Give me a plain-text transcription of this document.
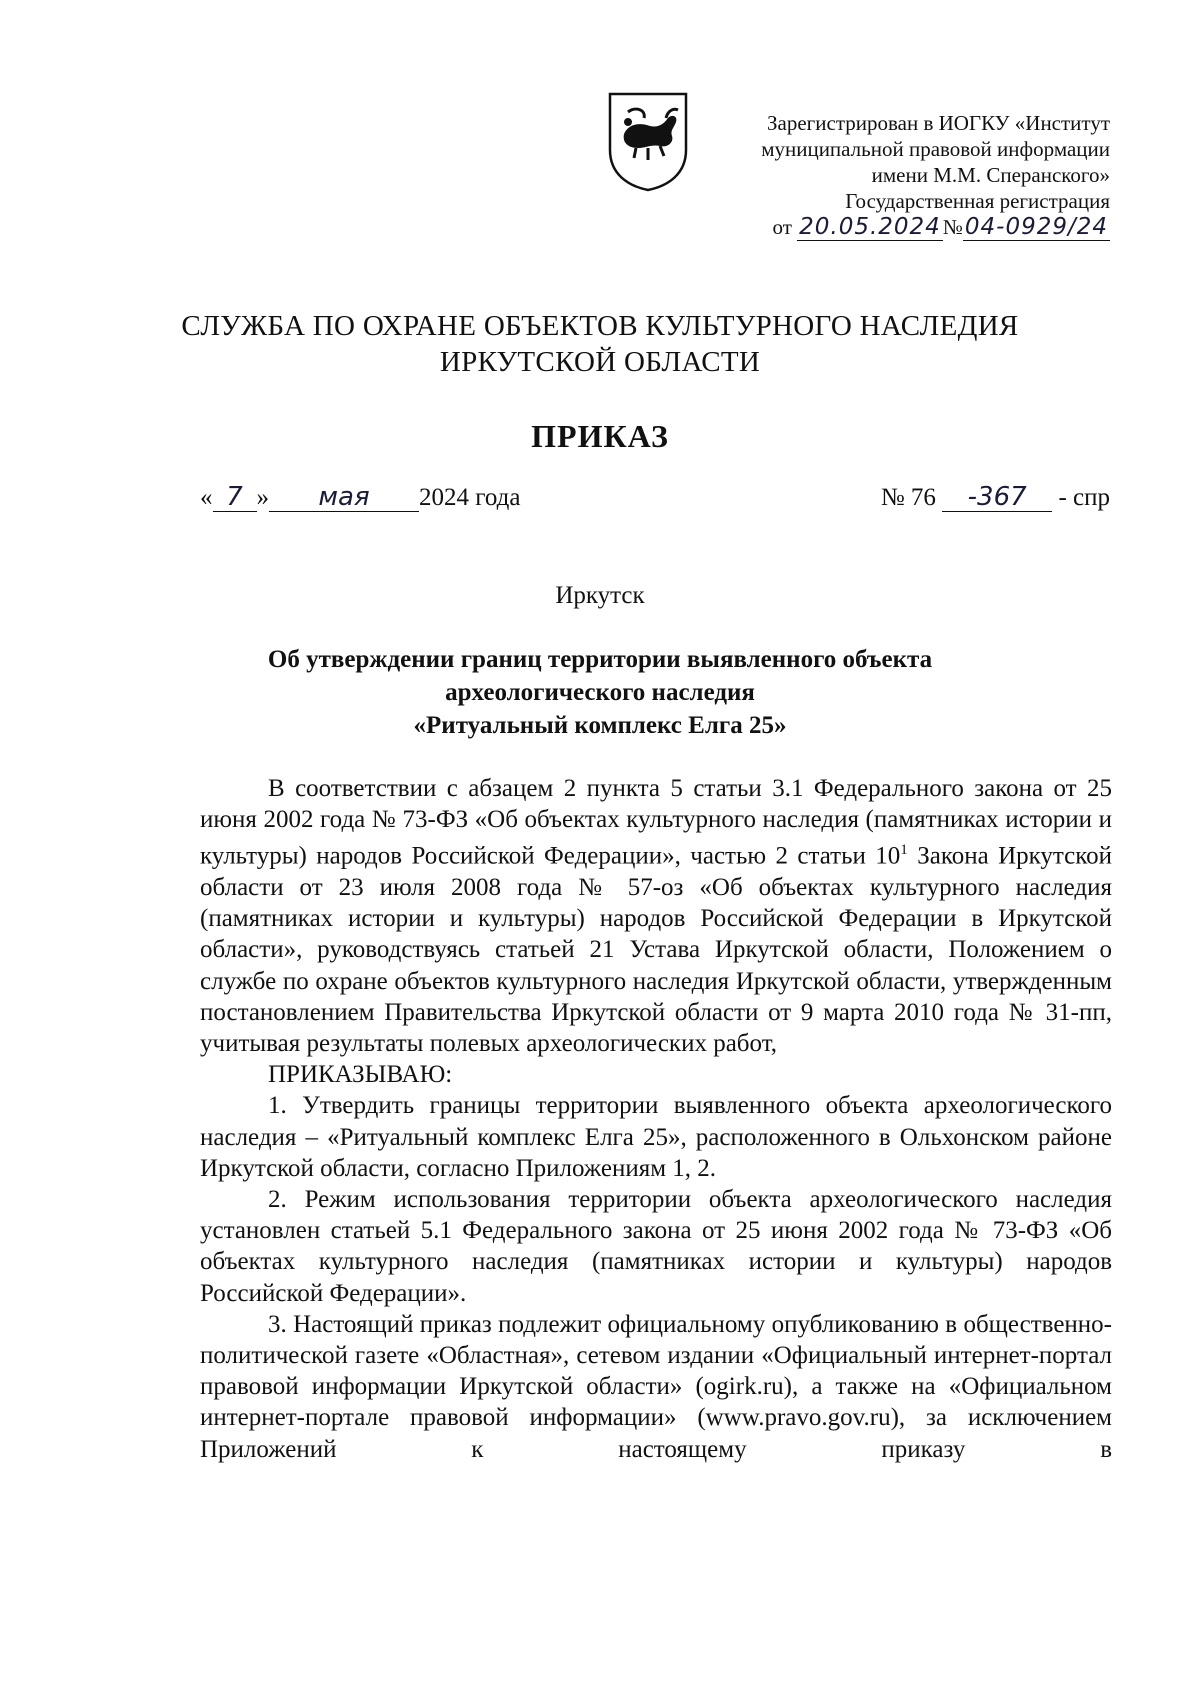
Зарегистрирован в ИОГКУ «Институт
муниципальной правовой информации
имени М.М. Сперанского»
Государственная регистрация
от 20.05.2024№04-0929/24
СЛУЖБА ПО ОХРАНЕ ОБЪЕКТОВ КУЛЬТУРНОГО НАСЛЕДИЯ
ИРКУТСКОЙ ОБЛАСТИ
ПРИКАЗ
« 7 » мая 2024 года	№ 76 -367 - спр
Иркутск
Об утверждении границ территории выявленного объекта
археологического наследия
«Ритуальный комплекс Елга 25»

В соответствии с абзацем 2 пункта 5 статьи 3.1 Федерального закона от 25 июня 2002 года № 73-ФЗ «Об объектах культурного наследия (памятниках истории и культуры) народов Российской Федерации», частью 2 статьи $10^1$ Закона Иркутской области от 23 июля 2008 года № 57-оз «Об объектах культурного наследия (памятниках истории и культуры) народов Российской Федерации в Иркутской области», руководствуясь статьей 21 Устава Иркутской области, Положением о службе по охране объектов культурного наследия Иркутской области, утвержденным постановлением Правительства Иркутской области от 9 марта 2010 года № 31-пп, учитывая результаты полевых археологических работ,

ПРИКАЗЫВАЮ:

1. Утвердить границы территории выявленного объекта археологического наследия – «Ритуальный комплекс Елга 25», расположенного в Ольхонском районе Иркутской области, согласно Приложениям 1, 2.

2. Режим использования территории объекта археологического наследия установлен статьей 5.1 Федерального закона от 25 июня 2002 года № 73-ФЗ «Об объектах культурного наследия (памятниках истории и культуры) народов Российской Федерации».

3. Настоящий приказ подлежит официальному опубликованию в общественно-политической газете «Областная», сетевом издании «Официальный интернет-портал правовой информации Иркутской области» (ogirk.ru), а также на «Официальном интернет-портале правовой информации» (www.pravo.gov.ru), за исключением Приложений к настоящему приказу в
